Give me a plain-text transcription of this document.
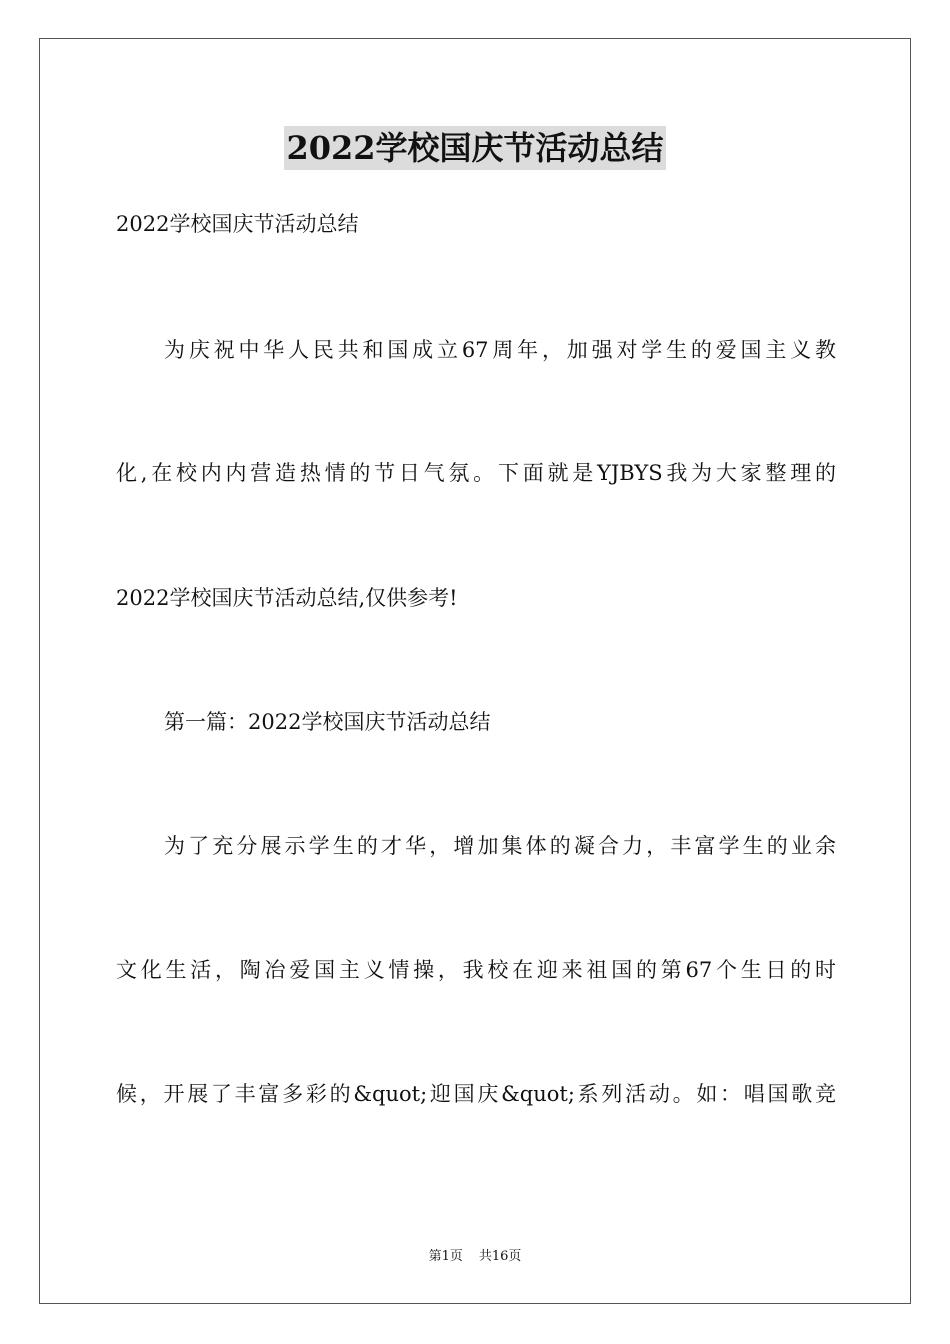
2022学校国庆节活动总结

2022学校国庆节活动总结

为庆祝中华人民共和国成立67周年，加强对学生的爱国主义教

化,在校内内营造热情的节日气氛。下面就是YJBYS我为大家整理的

2022学校国庆节活动总结,仅供参考!

第一篇：2022学校国庆节活动总结

为了充分展示学生的才华，增加集体的凝合力，丰富学生的业余

文化生活，陶冶爱国主义情操，我校在迎来祖国的第67个生日的时

候，开展了丰富多彩的&quot;迎国庆&quot;系列活动。如：唱国歌竞

第1页 共16页
